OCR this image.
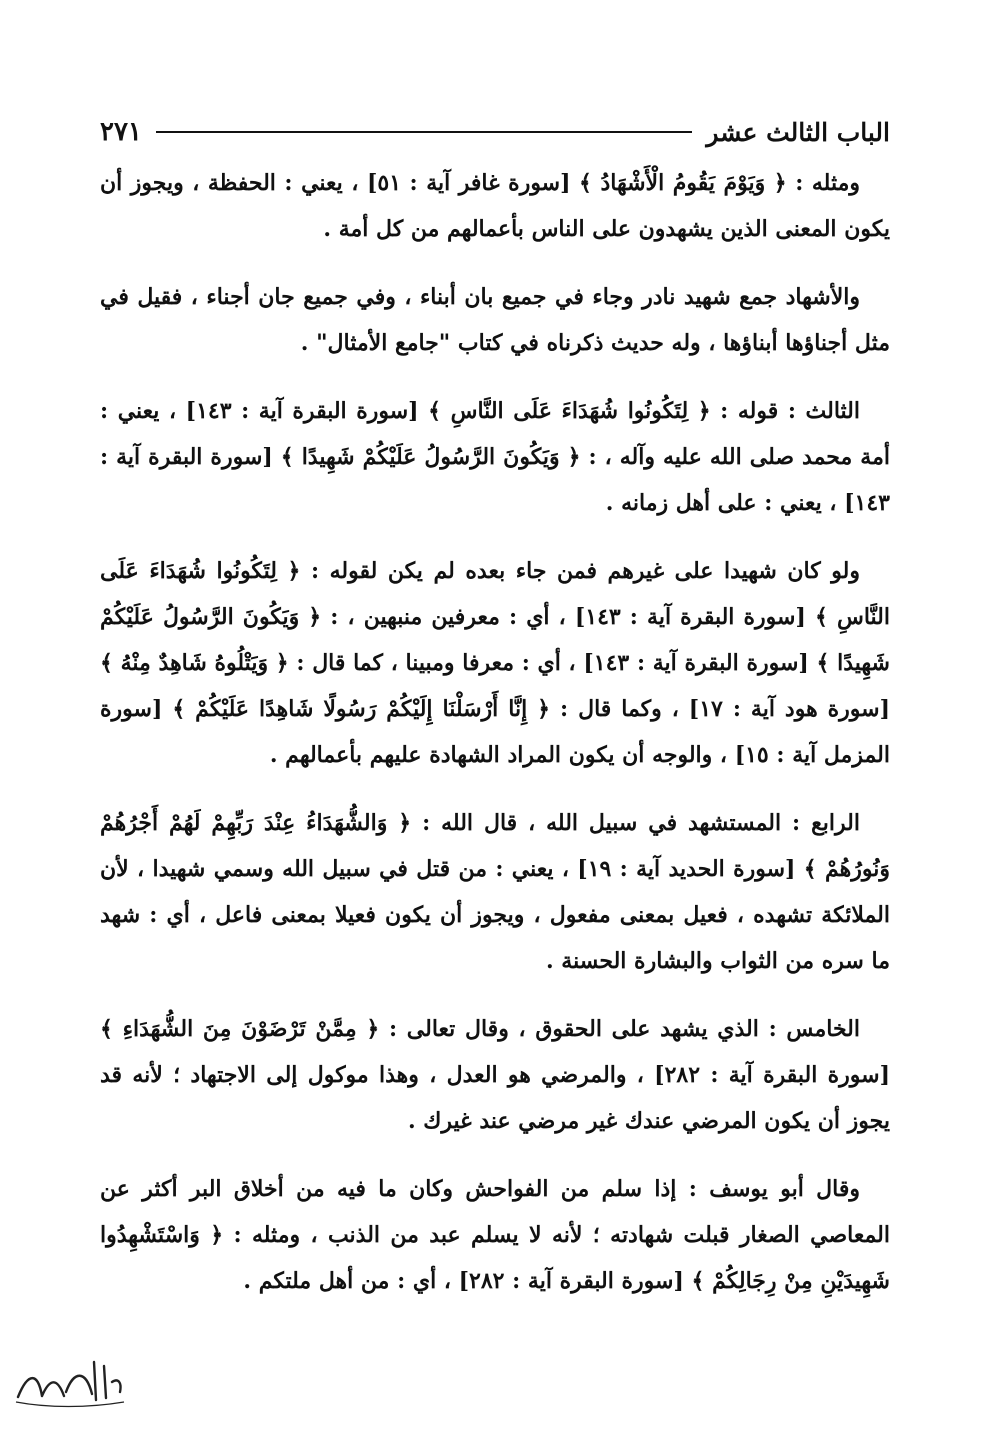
الباب الثالث عشر
٢٧١

ومثله : ﴿ وَيَوْمَ يَقُومُ الْأَشْهَادُ ﴾ [سورة غافر آية : ٥١] ، يعني : الحفظة ، ويجوز أن يكون المعنى الذين يشهدون على الناس بأعمالهم من كل أمة .

والأشهاد جمع شهيد نادر وجاء في جميع بان أبناء ، وفي جميع جان أجناء ، فقيل في مثل أجناؤها أبناؤها ، وله حديث ذكرناه في كتاب "جامع الأمثال" .

الثالث : قوله : ﴿ لِتَكُونُوا شُهَدَاءَ عَلَى النَّاسِ ﴾ [سورة البقرة آية : ١٤٣] ، يعني : أمة محمد صلى الله عليه وآله ، : ﴿ وَيَكُونَ الرَّسُولُ عَلَيْكُمْ شَهِيدًا ﴾ [سورة البقرة آية : ١٤٣] ، يعني : على أهل زمانه .

ولو كان شهيدا على غيرهم فمن جاء بعده لم يكن لقوله : ﴿ لِتَكُونُوا شُهَدَاءَ عَلَى النَّاسِ ﴾ [سورة البقرة آية : ١٤٣] ، أي : معرفين منبهين ، : ﴿ وَيَكُونَ الرَّسُولُ عَلَيْكُمْ شَهِيدًا ﴾ [سورة البقرة آية : ١٤٣] ، أي : معرفا ومبينا ، كما قال : ﴿ وَيَتْلُوهُ شَاهِدٌ مِنْهُ ﴾ [سورة هود آية : ١٧] ، وكما قال : ﴿ إِنَّا أَرْسَلْنَا إِلَيْكُمْ رَسُولًا شَاهِدًا عَلَيْكُمْ ﴾ [سورة المزمل آية : ١٥] ، والوجه أن يكون المراد الشهادة عليهم بأعمالهم .

الرابع : المستشهد في سبيل الله ، قال الله : ﴿ وَالشُّهَدَاءُ عِنْدَ رَبِّهِمْ لَهُمْ أَجْرُهُمْ وَنُورُهُمْ ﴾ [سورة الحديد آية : ١٩] ، يعني : من قتل في سبيل الله وسمي شهيدا ، لأن الملائكة تشهده ، فعيل بمعنى مفعول ، ويجوز أن يكون فعيلا بمعنى فاعل ، أي : شهد ما سره من الثواب والبشارة الحسنة .

الخامس : الذي يشهد على الحقوق ، وقال تعالى : ﴿ مِمَّنْ تَرْضَوْنَ مِنَ الشُّهَدَاءِ ﴾ [سورة البقرة آية : ٢٨٢] ، والمرضي هو العدل ، وهذا موكول إلى الاجتهاد ؛ لأنه قد يجوز أن يكون المرضي عندك غير مرضي عند غيرك .

وقال أبو يوسف : إذا سلم من الفواحش وكان ما فيه من أخلاق البر أكثر عن المعاصي الصغار قبلت شهادته ؛ لأنه لا يسلم عبد من الذنب ، ومثله : ﴿ وَاسْتَشْهِدُوا شَهِيدَيْنِ مِنْ رِجَالِكُمْ ﴾ [سورة البقرة آية : ٢٨٢] ، أي : من أهل ملتكم .
